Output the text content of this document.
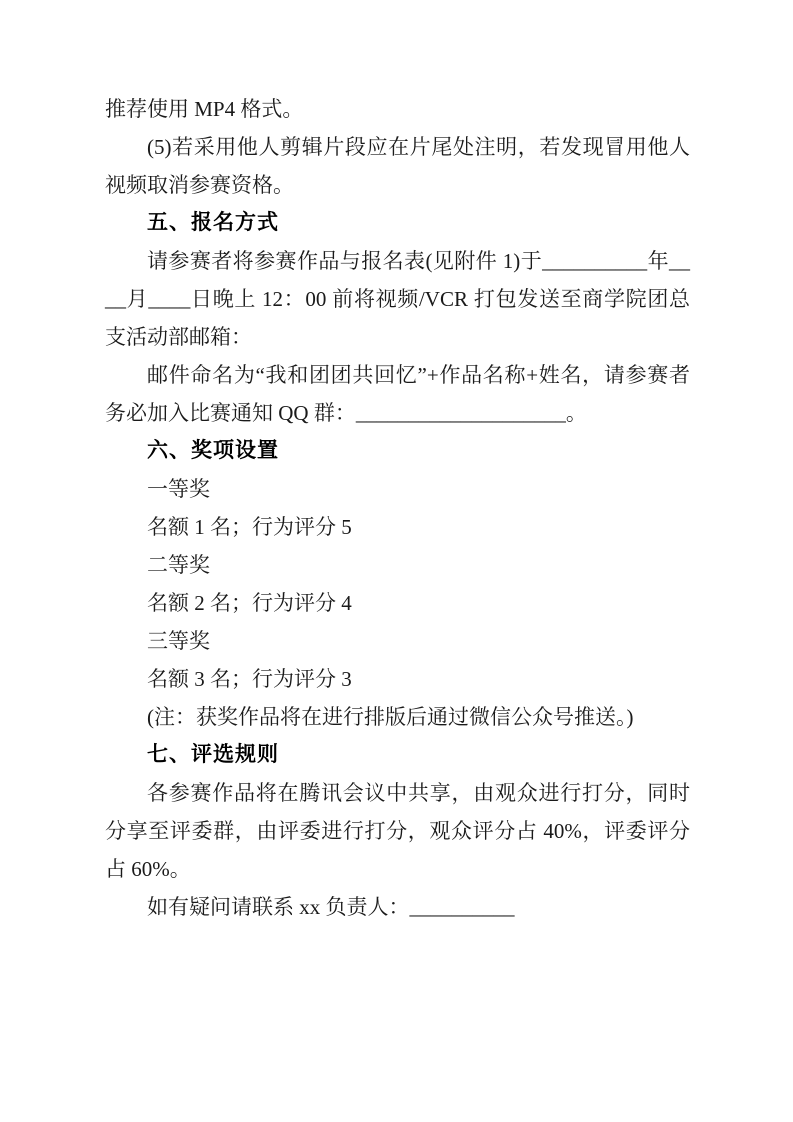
推荐使用 MP4 格式。
(5)若采用他人剪辑片段应在片尾处注明，若发现冒用他人视频取消参赛资格。
五、报名方式
请参赛者将参赛作品与报名表(见附件 1)于__________年____月____日晚上 12：00 前将视频/VCR 打包发送至商学院团总支活动部邮箱：
邮件命名为“我和团团共回忆”+作品名称+姓名，请参赛者务必加入比赛通知 QQ 群：____________________。
六、奖项设置
一等奖
名额 1 名；行为评分 5
二等奖
名额 2 名；行为评分 4
三等奖
名额 3 名；行为评分 3
(注：获奖作品将在进行排版后通过微信公众号推送。)
七、评选规则
各参赛作品将在腾讯会议中共享，由观众进行打分，同时分享至评委群，由评委进行打分，观众评分占 40%，评委评分占 60%。
如有疑问请联系 xx 负责人：__________
